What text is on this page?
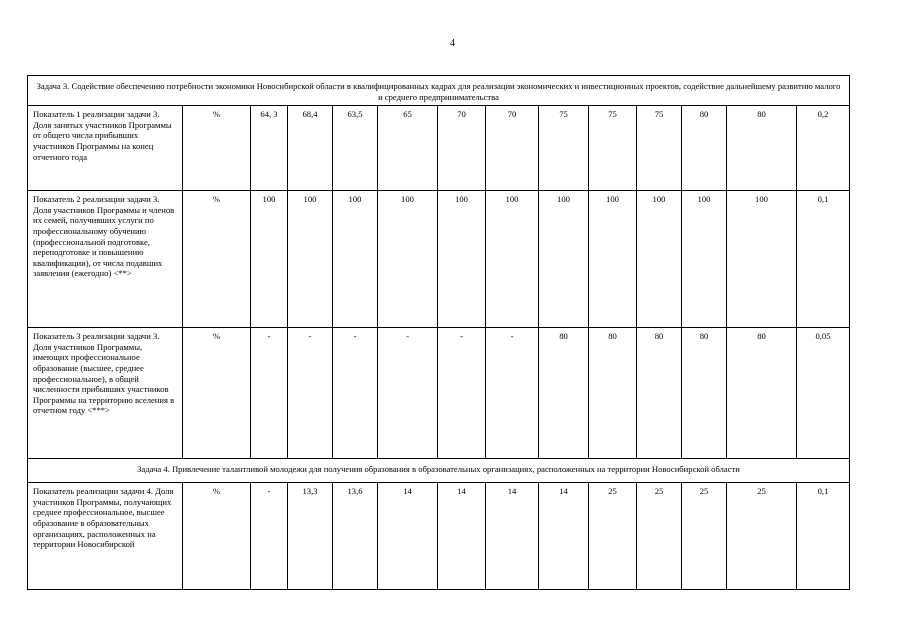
4
Задача 3. Содействие обеспечению потребности экономики Новосибирской области в квалифицированных кадрах для реализации экономических и инвестиционных проектов, содействие дальнейшему развитию малого и среднего предпринимательства													
Показатель 1 реализации задачи 3. Доля занятых участников Программы от общего числа прибывших участников Программы на конец отчетного года	%	64, 3	68,4	63,5	65	70	70	75	75	75	80	80	0,2
Показатель 2 реализации задачи 3. Доля участников Программы и членов их семей, получивших услуги по профессиональному обучению (профессиональной подготовке, переподготовке и повышению квалификации), от числа подавших заявления (ежегодно) <**>	%	100	100	100	100	100	100	100	100	100	100	100	0,1
Показатель 3 реализации задачи 3. Доля участников Программы, имеющих профессиональное образование (высшее, среднее профессиональное), в общей численности прибывших участников Программы на территорию вселения в отчетном году <***>	%	-	-	-	-	-	-	80	80	80	80	80	0,05
Задача 4. Привлечение талантливой молодежи для получения образования в образовательных организациях, расположенных на территории Новосибирской области													
Показатель реализации задачи 4. Доля участников Программы, получающих среднее профессиональное, высшее образование в образовательных организациях, расположенных на территории Новосибирской	%	-	13,3	13,6	14	14	14	14	25	25	25	25	0,1
